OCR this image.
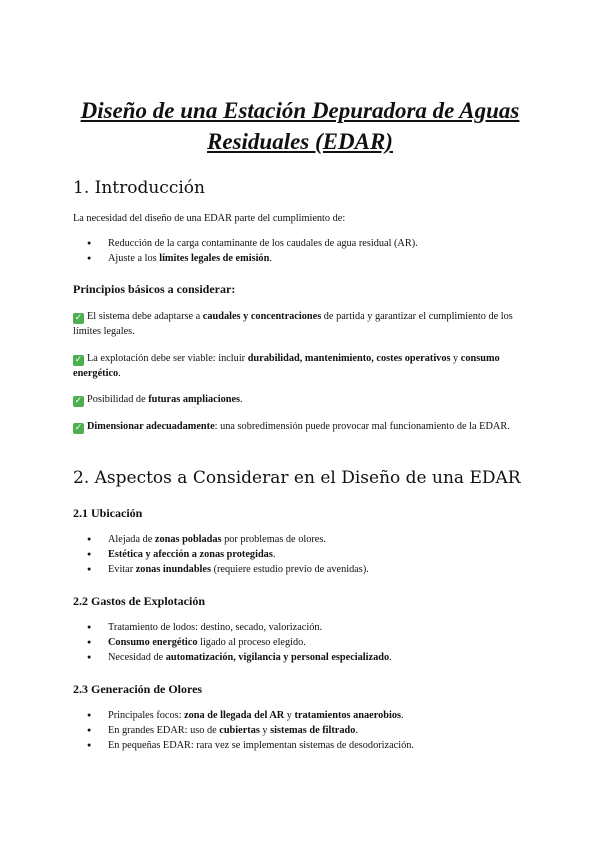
Diseño de una Estación Depuradora de Aguas
Residuales (EDAR)
1. Introducción

La necesidad del diseño de una EDAR parte del cumplimiento de:

● Reducción de la carga contaminante de los caudales de agua residual (AR).
● Ajuste a los límites legales de emisión.
Principios básicos a considerar:

✓ El sistema debe adaptarse a caudales y concentraciones de partida y garantizar el cumplimiento de los límites legales.

✓ La explotación debe ser viable: incluir durabilidad, mantenimiento, costes operativos y consumo energético.

✓ Posibilidad de futuras ampliaciones.

✓ Dimensionar adecuadamente: una sobredimensión puede provocar mal funcionamiento de la EDAR.

2. Aspectos a Considerar en el Diseño de una EDAR
2.1 Ubicación
● Alejada de zonas pobladas por problemas de olores.
● Estética y afección a zonas protegidas.
● Evitar zonas inundables (requiere estudio previo de avenidas).
2.2 Gastos de Explotación
● Tratamiento de lodos: destino, secado, valorización.
● Consumo energético ligado al proceso elegido.
● Necesidad de automatización, vigilancia y personal especializado.
2.3 Generación de Olores
● Principales focos: zona de llegada del AR y tratamientos anaerobios.
● En grandes EDAR: uso de cubiertas y sistemas de filtrado.
● En pequeñas EDAR: rara vez se implementan sistemas de desodorización.
